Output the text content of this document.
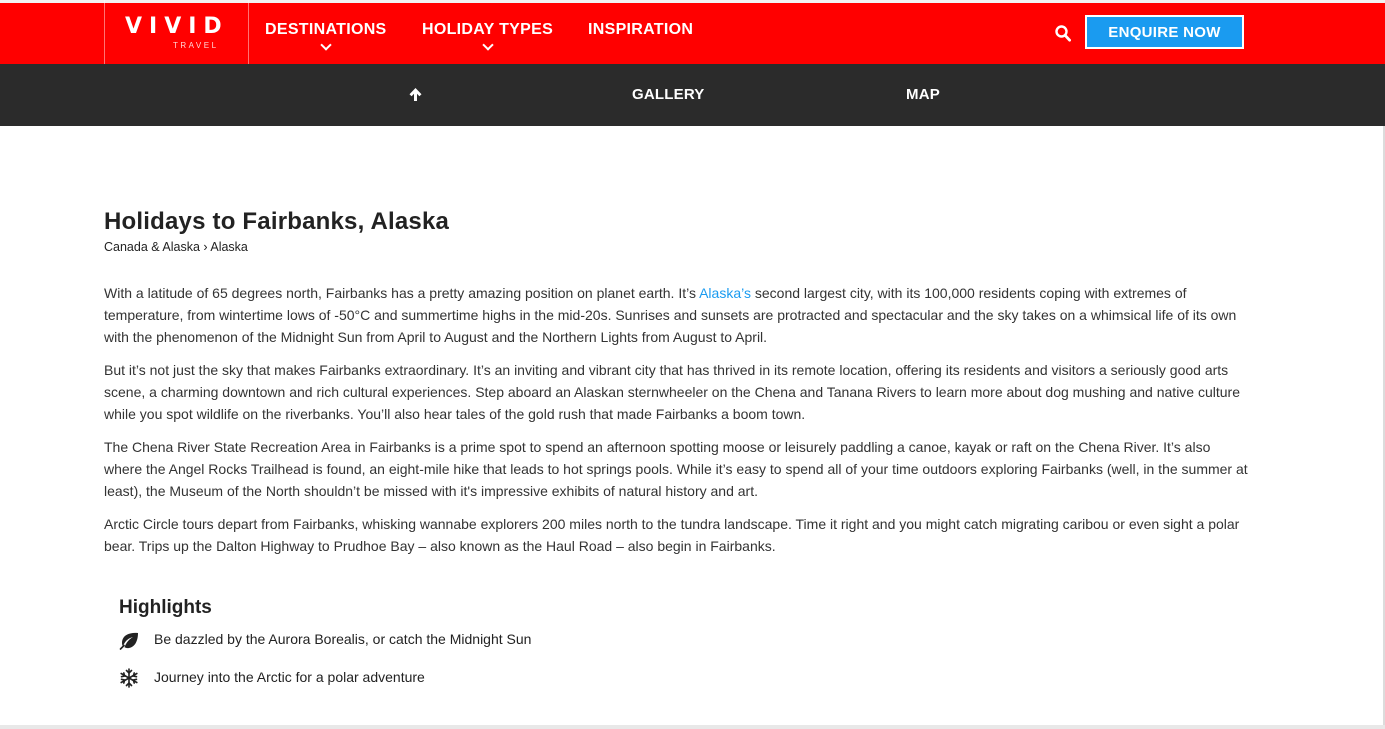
VIVID
TRAVEL
DESTINATIONS HOLIDAY TYPES INSPIRATION	ENQUIRE NOW
GALLERY	MAP
Holidays to Fairbanks, Alaska
Canada & Alaska › Alaska

With a latitude of 65 degrees north, Fairbanks has a pretty amazing position on planet earth. It’s Alaska’s second largest city, with its 100,000 residents coping with extremes of temperature, from wintertime lows of -50°C and summertime highs in the mid-20s. Sunrises and sunsets are protracted and spectacular and the sky takes on a whimsical life of its own with the phenomenon of the Midnight Sun from April to August and the Northern Lights from August to April.

But it’s not just the sky that makes Fairbanks extraordinary. It’s an inviting and vibrant city that has thrived in its remote location, offering its residents and visitors a seriously good arts scene, a charming downtown and rich cultural experiences. Step aboard an Alaskan sternwheeler on the Chena and Tanana Rivers to learn more about dog mushing and native culture while you spot wildlife on the riverbanks. You’ll also hear tales of the gold rush that made Fairbanks a boom town.

The Chena River State Recreation Area in Fairbanks is a prime spot to spend an afternoon spotting moose or leisurely paddling a canoe, kayak or raft on the Chena River. It’s also where the Angel Rocks Trailhead is found, an eight-mile hike that leads to hot springs pools. While it’s easy to spend all of your time outdoors exploring Fairbanks (well, in the summer at least), the Museum of the North shouldn’t be missed with it's impressive exhibits of natural history and art.

Arctic Circle tours depart from Fairbanks, whisking wannabe explorers 200 miles north to the tundra landscape. Time it right and you might catch migrating caribou or even sight a polar bear. Trips up the Dalton Highway to Prudhoe Bay – also known as the Haul Road – also begin in Fairbanks.

Highlights
Be dazzled by the Aurora Borealis, or catch the Midnight Sun
Journey into the Arctic for a polar adventure
